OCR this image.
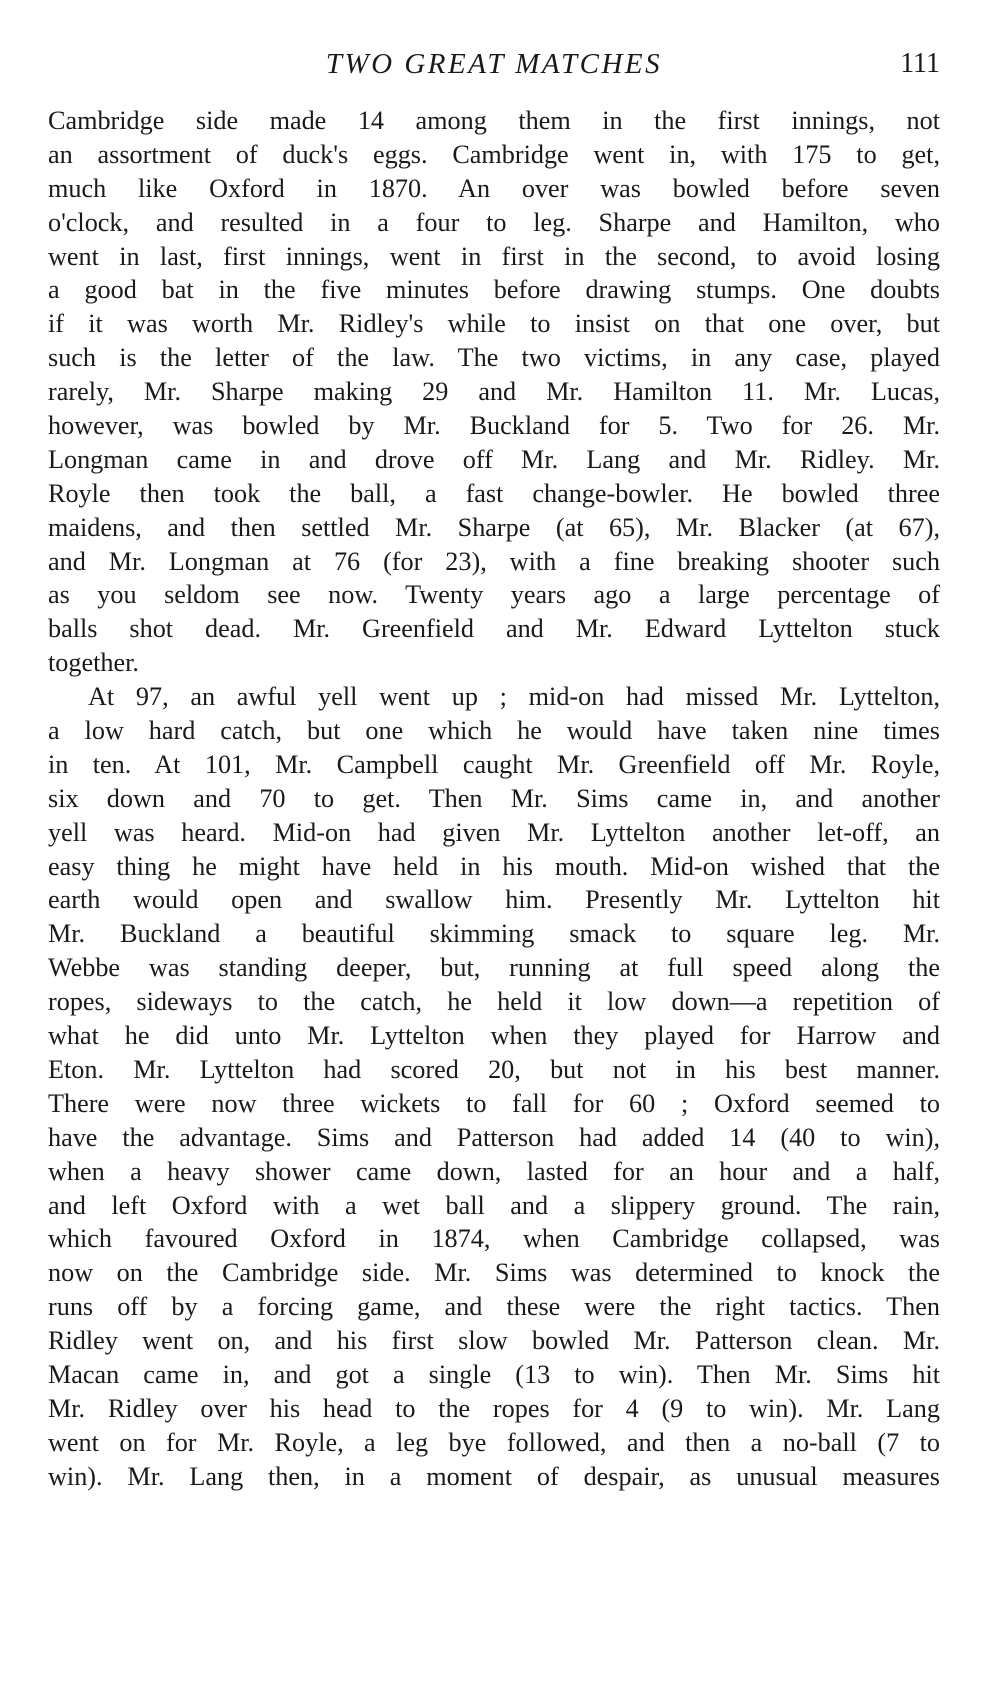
TWO GREAT MATCHES	111
Cambridge side made 14 among them in the first innings, not
an assortment of duck's eggs. Cambridge went in, with 175 to get,
much like Oxford in 1870. An over was bowled before seven
o'clock, and resulted in a four to leg. Sharpe and Hamilton, who
went in last, first innings, went in first in the second, to avoid losing
a good bat in the five minutes before drawing stumps. One doubts
if it was worth Mr. Ridley's while to insist on that one over, but
such is the letter of the law. The two victims, in any case, played
rarely, Mr. Sharpe making 29 and Mr. Hamilton 11. Mr. Lucas,
however, was bowled by Mr. Buckland for 5. Two for 26. Mr.
Longman came in and drove off Mr. Lang and Mr. Ridley. Mr.
Royle then took the ball, a fast change-bowler. He bowled three
maidens, and then settled Mr. Sharpe (at 65), Mr. Blacker (at 67),
and Mr. Longman at 76 (for 23), with a fine breaking shooter such
as you seldom see now. Twenty years ago a large percentage of
balls shot dead. Mr. Greenfield and Mr. Edward Lyttelton stuck
together.
At 97, an awful yell went up ; mid-on had missed Mr. Lyttelton,
a low hard catch, but one which he would have taken nine times
in ten. At 101, Mr. Campbell caught Mr. Greenfield off Mr. Royle,
six down and 70 to get. Then Mr. Sims came in, and another
yell was heard. Mid-on had given Mr. Lyttelton another let-off, an
easy thing he might have held in his mouth. Mid-on wished that the
earth would open and swallow him. Presently Mr. Lyttelton hit
Mr. Buckland a beautiful skimming smack to square leg. Mr.
Webbe was standing deeper, but, running at full speed along the
ropes, sideways to the catch, he held it low down—a repetition of
what he did unto Mr. Lyttelton when they played for Harrow and
Eton. Mr. Lyttelton had scored 20, but not in his best manner.
There were now three wickets to fall for 60 ; Oxford seemed to
have the advantage. Sims and Patterson had added 14 (40 to win),
when a heavy shower came down, lasted for an hour and a half,
and left Oxford with a wet ball and a slippery ground. The rain,
which favoured Oxford in 1874, when Cambridge collapsed, was
now on the Cambridge side. Mr. Sims was determined to knock the
runs off by a forcing game, and these were the right tactics. Then
Ridley went on, and his first slow bowled Mr. Patterson clean. Mr.
Macan came in, and got a single (13 to win). Then Mr. Sims hit
Mr. Ridley over his head to the ropes for 4 (9 to win). Mr. Lang
went on for Mr. Royle, a leg bye followed, and then a no-ball (7 to
win). Mr. Lang then, in a moment of despair, as unusual measures
